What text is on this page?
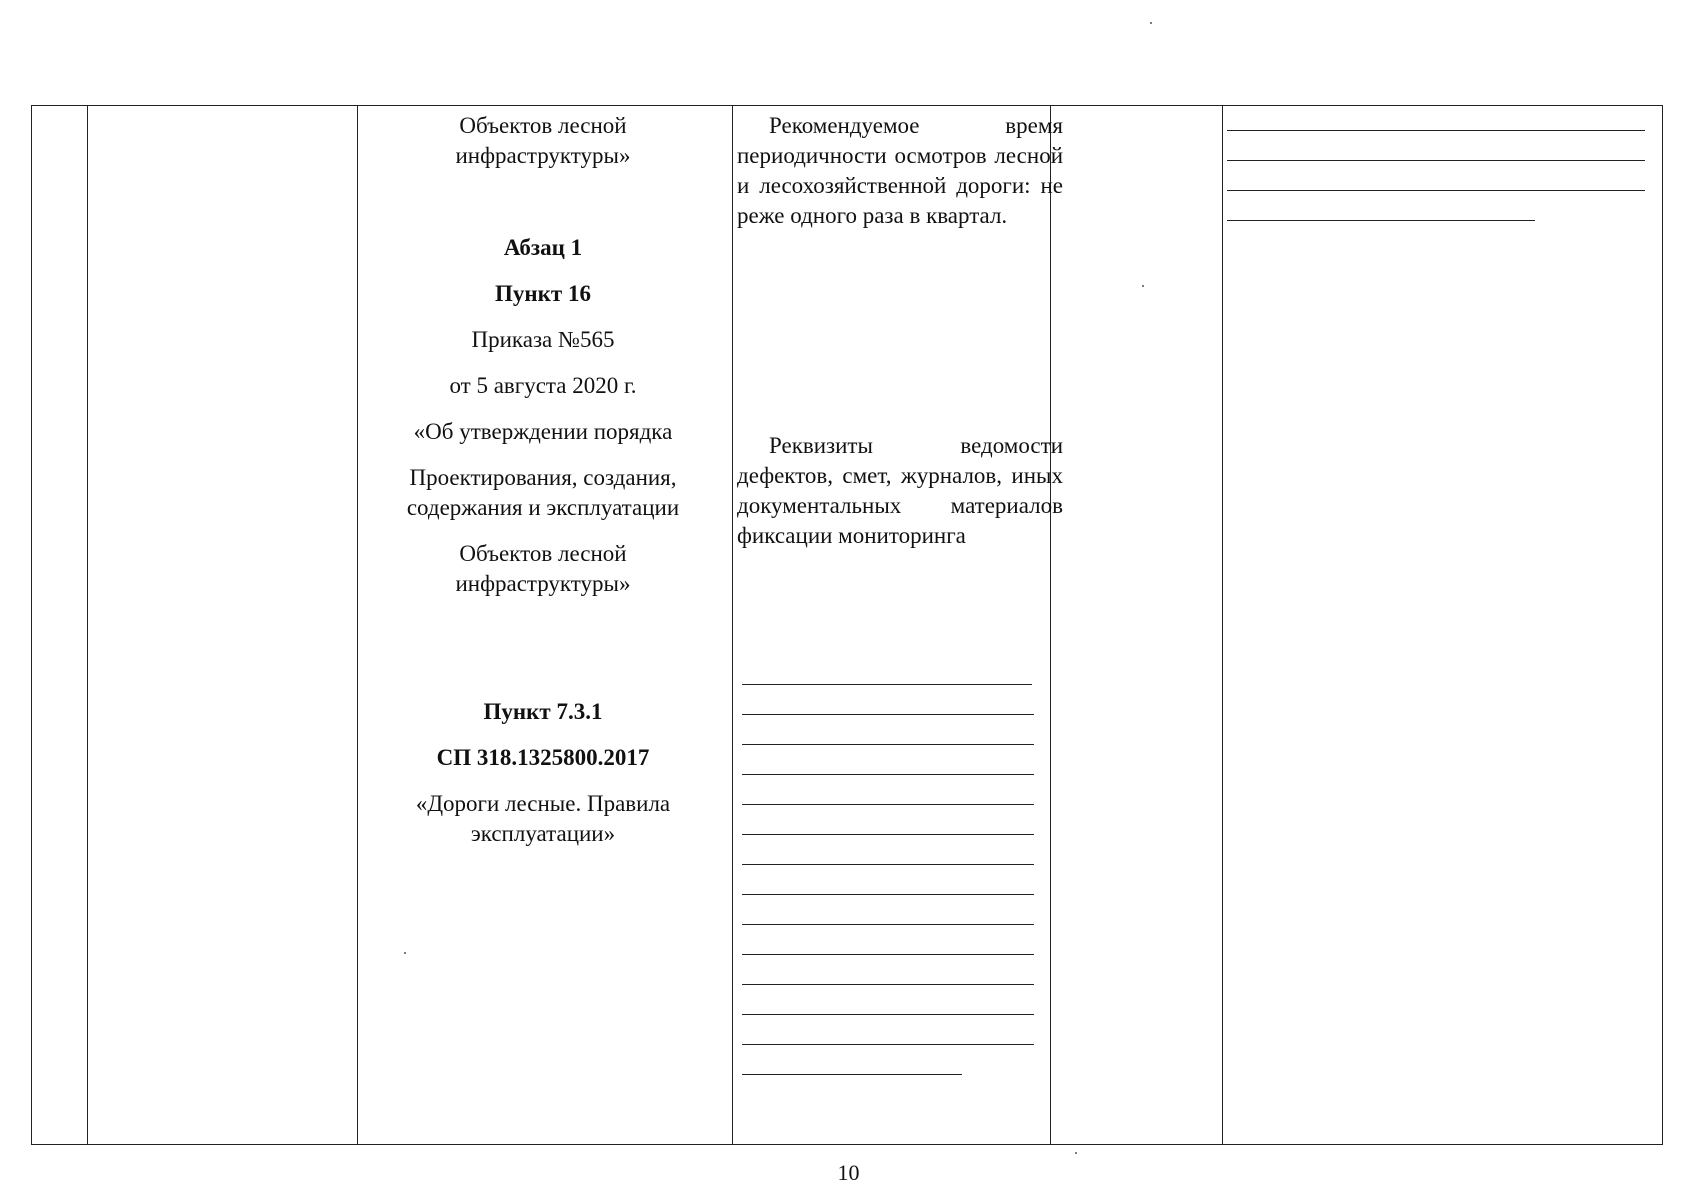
Объектов лесной

инфраструктуры»

Абзац 1

Пункт 16

Приказа №565

от 5 августа 2020 г.

«Об утверждении порядка

Проектирования, создания,

содержания и эксплуатации

Объектов лесной

инфраструктуры»

Пункт 7.3.1

СП 318.1325800.2017

«Дороги лесные. Правила

эксплуатации»

Рекомендуемое время периодичности осмотров лесной и лесохозяйственной дороги: не реже одного раза в квартал.

Реквизиты ведомости дефектов, смет, журналов, иных документальных материалов фиксации мониторинга

10
